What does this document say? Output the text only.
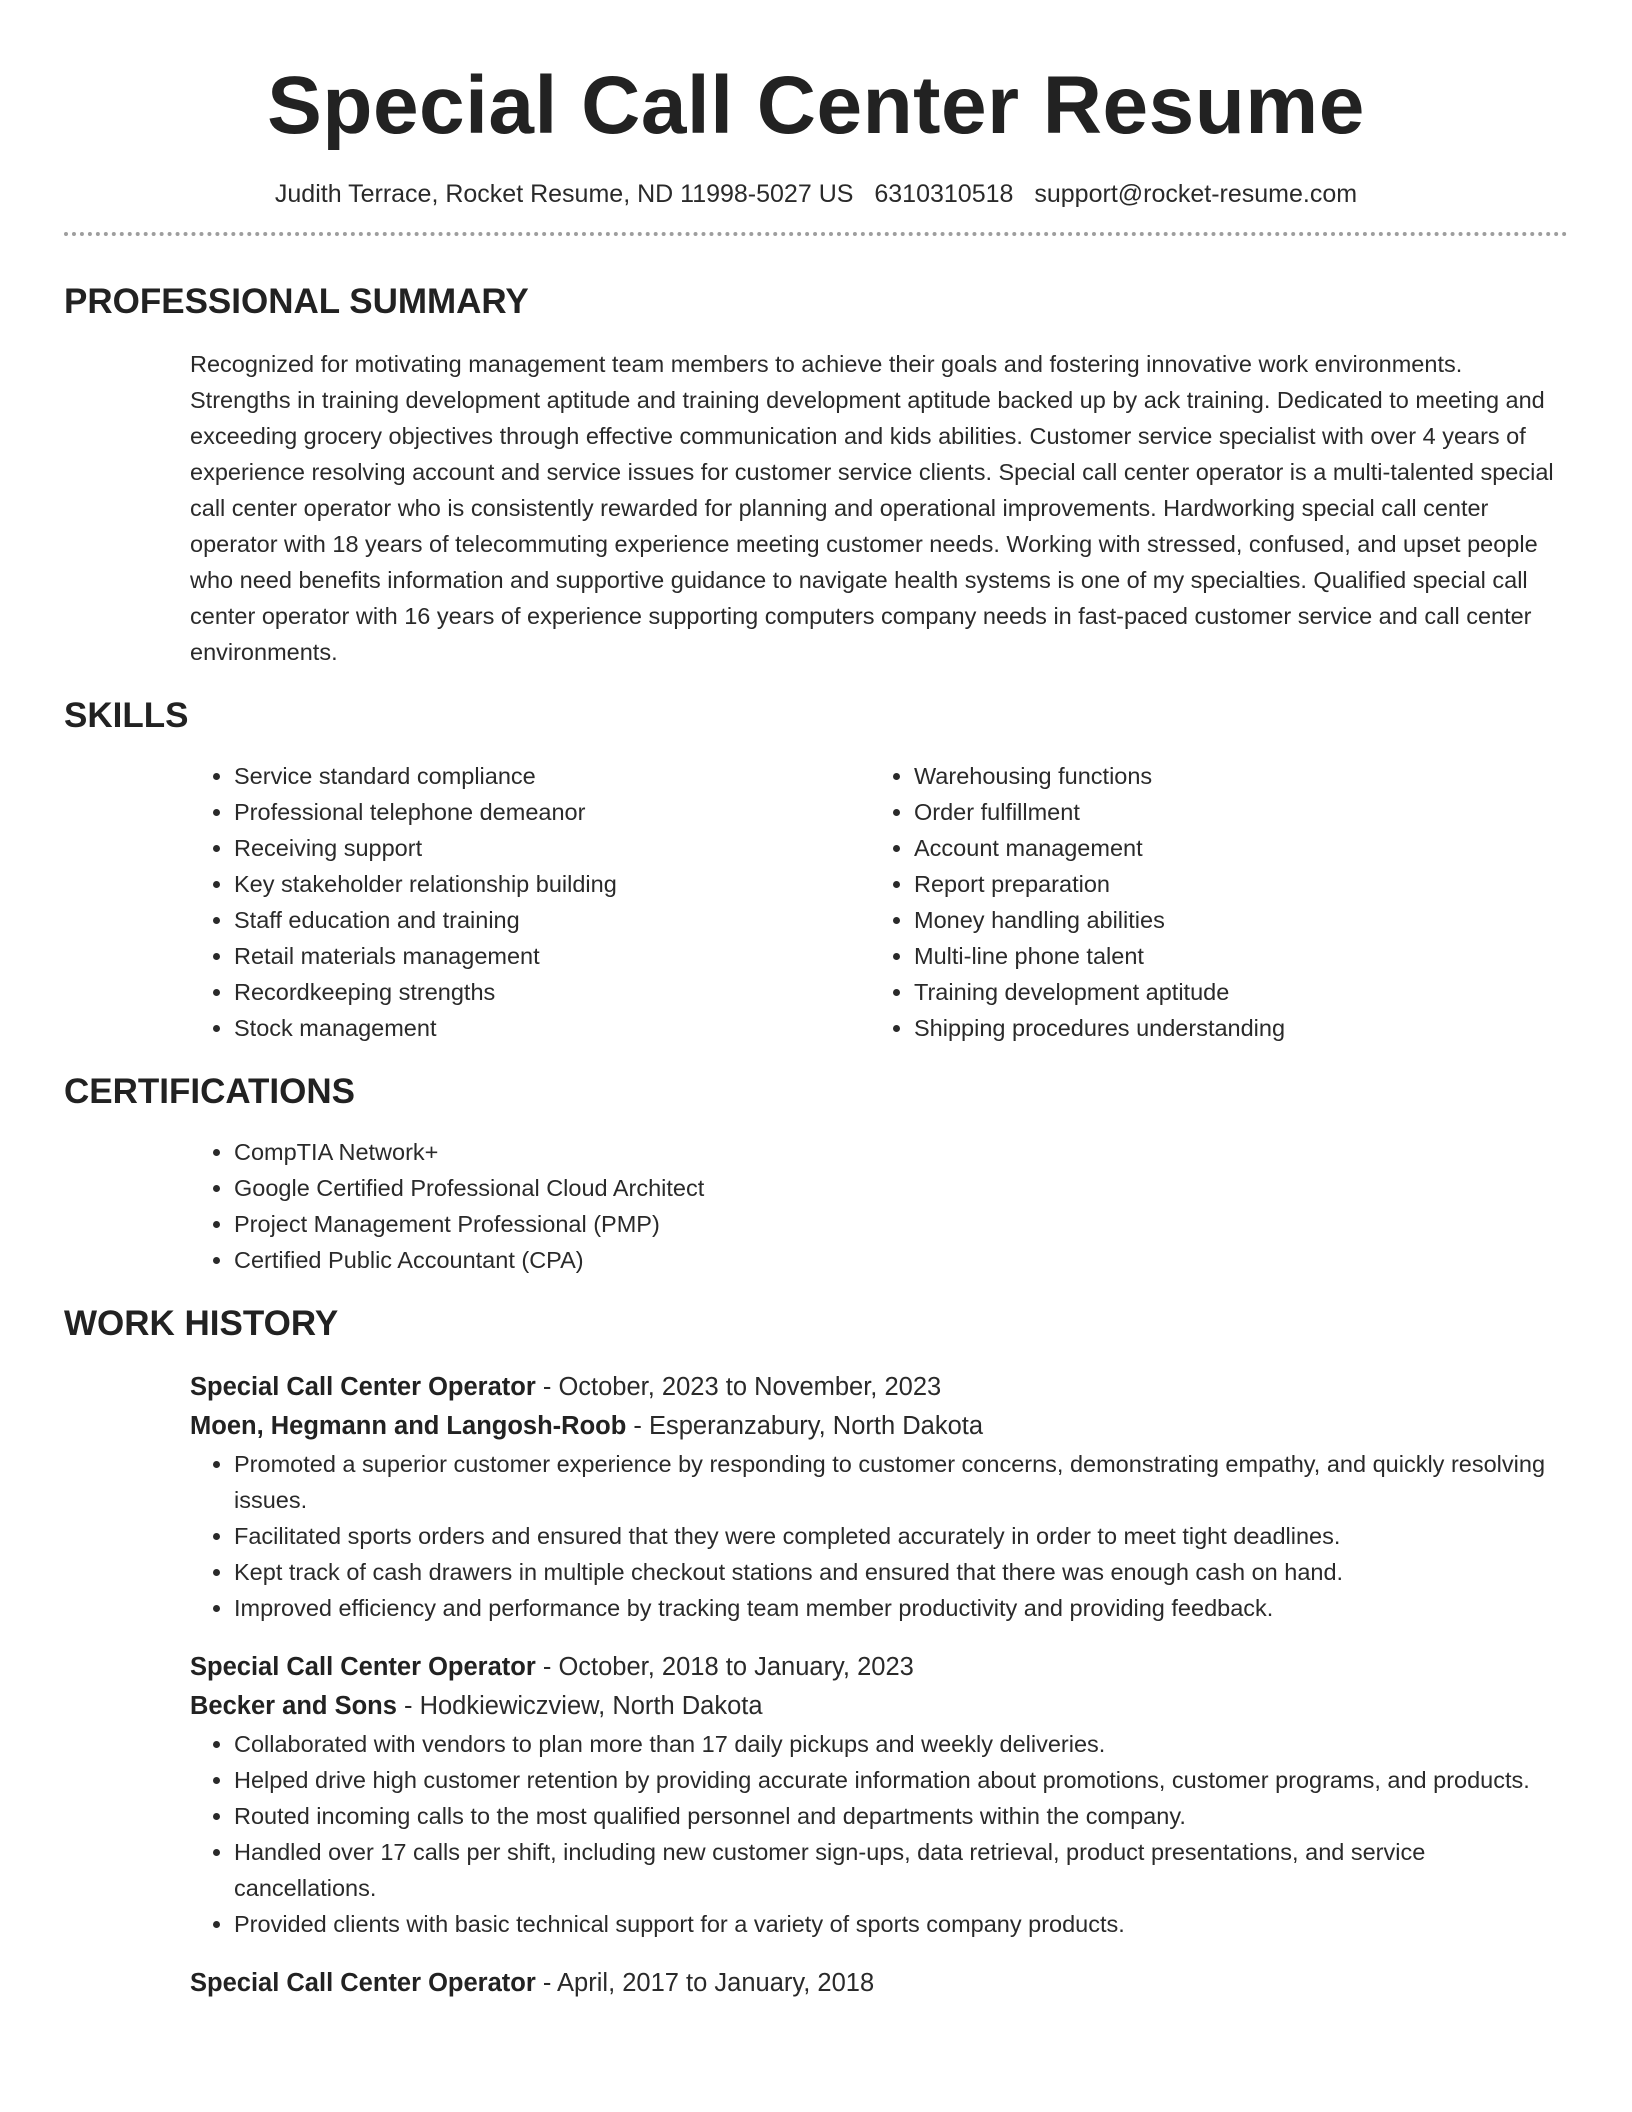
Special Call Center Resume
Judith Terrace, Rocket Resume, ND 11998-5027 US 6310310518 support@rocket-resume.com
PROFESSIONAL SUMMARY
Recognized for motivating management team members to achieve their goals and fostering innovative work environments. Strengths in training development aptitude and training development aptitude backed up by ack training. Dedicated to meeting and exceeding grocery objectives through effective communication and kids abilities. Customer service specialist with over 4 years of experience resolving account and service issues for customer service clients. Special call center operator is a multi-talented special call center operator who is consistently rewarded for planning and operational improvements. Hardworking special call center operator with 18 years of telecommuting experience meeting customer needs. Working with stressed, confused, and upset people who need benefits information and supportive guidance to navigate health systems is one of my specialties. Qualified special call center operator with 16 years of experience supporting computers company needs in fast-paced customer service and call center environments.
SKILLS
• Service standard compliance
• Professional telephone demeanor
• Receiving support
• Key stakeholder relationship building
• Staff education and training
• Retail materials management
• Recordkeeping strengths
• Stock management
• Warehousing functions
• Order fulfillment
• Account management
• Report preparation
• Money handling abilities
• Multi-line phone talent
• Training development aptitude
• Shipping procedures understanding
CERTIFICATIONS
• CompTIA Network+
• Google Certified Professional Cloud Architect
• Project Management Professional (PMP)
• Certified Public Accountant (CPA)
WORK HISTORY
Special Call Center Operator - October, 2023 to November, 2023
Moen, Hegmann and Langosh-Roob - Esperanzabury, North Dakota
• Promoted a superior customer experience by responding to customer concerns, demonstrating empathy, and quickly resolving issues.
• Facilitated sports orders and ensured that they were completed accurately in order to meet tight deadlines.
• Kept track of cash drawers in multiple checkout stations and ensured that there was enough cash on hand.
• Improved efficiency and performance by tracking team member productivity and providing feedback.
Special Call Center Operator - October, 2018 to January, 2023
Becker and Sons - Hodkiewiczview, North Dakota
• Collaborated with vendors to plan more than 17 daily pickups and weekly deliveries.
• Helped drive high customer retention by providing accurate information about promotions, customer programs, and products.
• Routed incoming calls to the most qualified personnel and departments within the company.
• Handled over 17 calls per shift, including new customer sign-ups, data retrieval, product presentations, and service cancellations.
• Provided clients with basic technical support for a variety of sports company products.
Special Call Center Operator - April, 2017 to January, 2018
